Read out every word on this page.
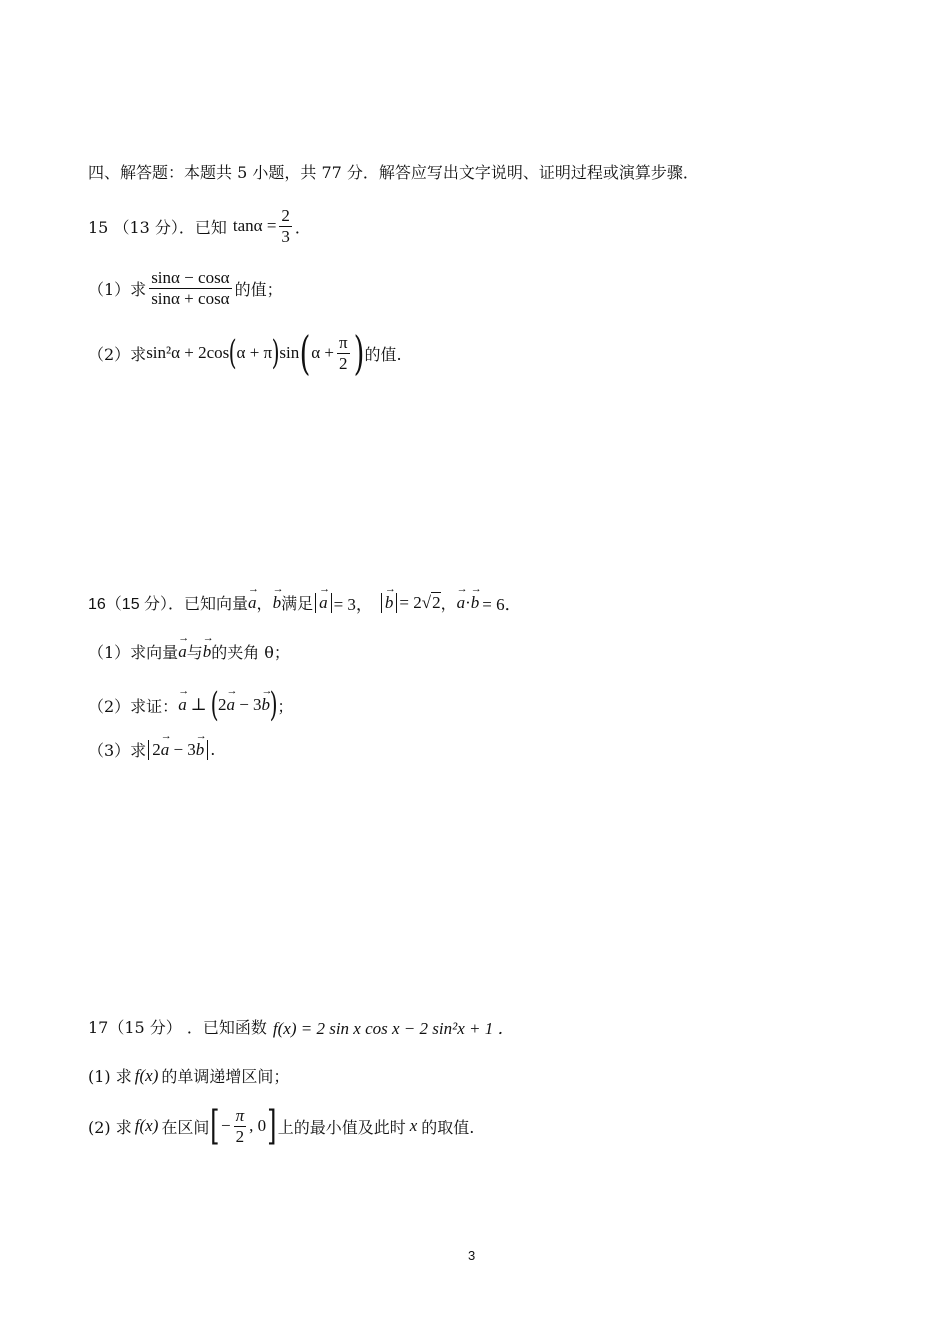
四、解答题：本题共 5 小题，共 77 分．解答应写出文字说明、证明过程或演算步骤．
15 （13 分）．已知 $\tan\alpha = \frac{2}{3}$ ．
（1）求 $\frac{\sin\alpha - \cos\alpha}{\sin\alpha + \cos\alpha}$ 的值；
（2）求 sin²α + 2cos ( α + π ) sin ( $\alpha + \frac{\pi}{2}$ ) 的值.
16（15 分）．已知向量 → a ， → b 满足 → a = 3， → b = 2 √ 2 ， → a·→ b = 6．
（1）求向量 → a 与 → b 的夹角 θ；
（2）求证： → a ⊥ ( 2→ a − 3→ b ) ；
（3）求 2→ a − 3→ b .
17（15 分） ．已知函数 f(x) = 2 sin x cos x − 2 sin²x + 1 ．
(1) 求 f(x) 的单调递增区间；
(2) 求 f(x) 在区间 [ − $\frac{\pi}{2}$ , 0 ] 上的最小值及此时 x 的取值.
3
